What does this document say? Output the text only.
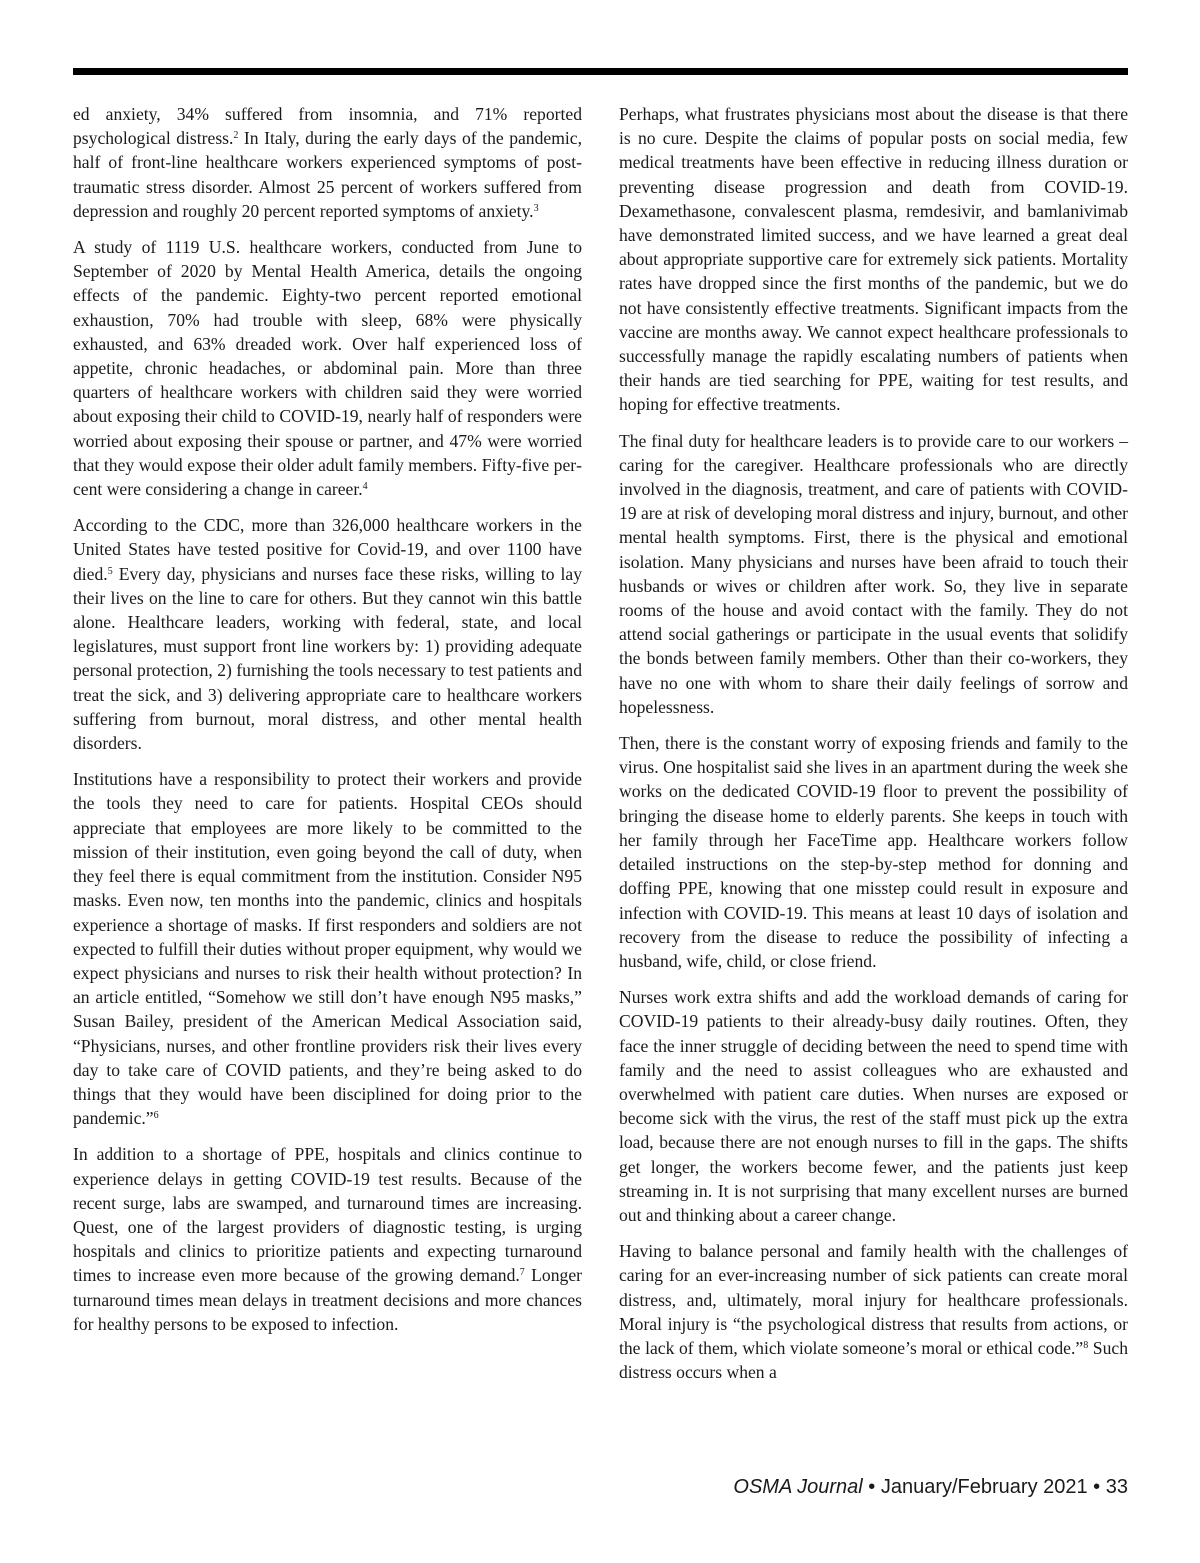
ed anxiety, 34% suffered from insomnia, and 71% reported psychological distress.$^2$ In Italy, during the early days of the pandemic, half of front-line healthcare workers experienced symptoms of post-traumatic stress disorder. Almost 25 percent of workers suffered from depression and roughly 20 percent reported symptoms of anxiety.$^3$

A study of 1119 U.S. healthcare workers, conducted from June to September of 2020 by Mental Health America, details the ongoing effects of the pandemic. Eighty-two percent reported emotional exhaustion, 70% had trouble with sleep, 68% were physically exhausted, and 63% dreaded work. Over half experienced loss of appetite, chronic headaches, or abdominal pain. More than three quarters of healthcare workers with children said they were worried about exposing their child to COVID-19, nearly half of responders were worried about exposing their spouse or partner, and 47% were worried that they would expose their older adult family members. Fifty-five percent were considering a change in career.$^4$

According to the CDC, more than 326,000 healthcare workers in the United States have tested positive for Covid-19, and over 1100 have died.$^5$ Every day, physicians and nurses face these risks, willing to lay their lives on the line to care for others. But they cannot win this battle alone. Healthcare leaders, working with federal, state, and local legislatures, must support front line workers by: 1) providing adequate personal protection, 2) furnishing the tools necessary to test patients and treat the sick, and 3) delivering appropriate care to healthcare workers suffering from burnout, moral distress, and other mental health disorders.

Institutions have a responsibility to protect their workers and provide the tools they need to care for patients. Hospital CEOs should appreciate that employees are more likely to be committed to the mission of their institution, even going beyond the call of duty, when they feel there is equal commitment from the institution. Consider N95 masks. Even now, ten months into the pandemic, clinics and hospitals experience a shortage of masks. If first responders and soldiers are not expected to fulfill their duties without proper equipment, why would we expect physicians and nurses to risk their health without protection? In an article entitled, “Somehow we still don’t have enough N95 masks,” Susan Bailey, president of the American Medical Association said, “Physicians, nurses, and other frontline providers risk their lives every day to take care of COVID patients, and they’re being asked to do things that they would have been disciplined for doing prior to the pandemic.”$^6$

In addition to a shortage of PPE, hospitals and clinics continue to experience delays in getting COVID-19 test results. Because of the recent surge, labs are swamped, and turnaround times are increasing. Quest, one of the largest providers of diagnostic testing, is urging hospitals and clinics to prioritize patients and expecting turnaround times to increase even more because of the growing demand.$^7$ Longer turnaround times mean delays in treatment decisions and more chances for healthy persons to be exposed to infection.

Perhaps, what frustrates physicians most about the disease is that there is no cure. Despite the claims of popular posts on social media, few medical treatments have been effective in reducing illness duration or preventing disease progression and death from COVID-19. Dexamethasone, convalescent plasma, remdesivir, and bamlanivimab have demonstrated limited success, and we have learned a great deal about appropriate supportive care for extremely sick patients. Mortality rates have dropped since the first months of the pandemic, but we do not have consistently effective treatments. Significant impacts from the vaccine are months away. We cannot expect healthcare professionals to successfully manage the rapidly escalating numbers of patients when their hands are tied searching for PPE, waiting for test results, and hoping for effective treatments.

The final duty for healthcare leaders is to provide care to our workers – caring for the caregiver. Healthcare professionals who are directly involved in the diagnosis, treatment, and care of patients with COVID-19 are at risk of developing moral distress and injury, burnout, and other mental health symptoms. First, there is the physical and emotional isolation. Many physicians and nurses have been afraid to touch their husbands or wives or children after work. So, they live in separate rooms of the house and avoid contact with the family. They do not attend social gatherings or participate in the usual events that solidify the bonds between family members. Other than their co-workers, they have no one with whom to share their daily feelings of sorrow and hopelessness.

Then, there is the constant worry of exposing friends and family to the virus. One hospitalist said she lives in an apartment during the week she works on the dedicated COVID-19 floor to prevent the possibility of bringing the disease home to elderly parents. She keeps in touch with her family through her FaceTime app. Healthcare workers follow detailed instructions on the step-by-step method for donning and doffing PPE, knowing that one misstep could result in exposure and infection with COVID-19. This means at least 10 days of isolation and recovery from the disease to reduce the possibility of infecting a husband, wife, child, or close friend.

Nurses work extra shifts and add the workload demands of caring for COVID-19 patients to their already-busy daily routines. Often, they face the inner struggle of deciding between the need to spend time with family and the need to assist colleagues who are exhausted and overwhelmed with patient care duties. When nurses are exposed or become sick with the virus, the rest of the staff must pick up the extra load, because there are not enough nurses to fill in the gaps. The shifts get longer, the workers become fewer, and the patients just keep streaming in. It is not surprising that many excellent nurses are burned out and thinking about a career change.

Having to balance personal and family health with the challenges of caring for an ever-increasing number of sick patients can create moral distress, and, ultimately, moral injury for healthcare professionals. Moral injury is “the psychological distress that results from actions, or the lack of them, which violate someone’s moral or ethical code.”$^8$ Such distress occurs when a

OSMA Journal • January/February 2021 • 33
